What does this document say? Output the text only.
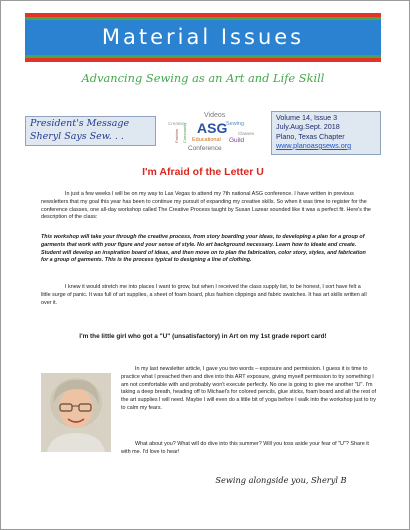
Material Issues
Advancing Sewing as an Art and Life Skill
President's Message
Sheryl Says Sew. . .
Videos
Creative	Sewing
Classes
ASG
Educational Guild
Conference
Fashion Community
Volume 14, Issue 3
July.Aug.Sept. 2018
Plano, Texas Chapter
www.planoasgsews.org
I'm Afraid of the Letter U
In just a few weeks I will be on my way to Las Vegas to attend my 7th national ASG conference. I have written in previous newsletters that my goal this year has been to continue my pursuit of expanding my creative skills. So when it was time to register for the conference classes, one all-day workshop called The Creative Process taught by Susan Lazear sounded like it was a perfect fit. Here's the description of the class:
This workshop will take your through the creative process, from story boarding your ideas, to developing a plan for a group of garments that work with your figure and your sense of style. No art background necessary. Learn how to ideate and create. Student will develop an inspiration board of ideas, and then move on to plan the fabrication, color story, styles, and fabrication for a group of garments. This is the process typical to designing a line of clothing.
I knew it would stretch me into places I want to grow, but when I received the class supply list, to be honest, I sort have felt a little surge of panic. It was full of art supplies, a sheet of foam board, plus fashion clippings and fabric swatches. It has art skills written all over it.
I'm the little girl who got a "U" (unsatisfactory) in Art on my 1st grade report card!
In my last newsletter article, I gave you two words – exposure and permission. I guess it is time to practice what I preached then and dive into this ART exposure, giving myself permission to try something I am not comfortable with and probably won't execute perfectly. No one is going to give me another "U". I'm taking a deep breath, heading off to Michael's for colored pencils, glue sticks, foam board and all the rest of the art supplies I will need. Maybe I will even do a little bit of yoga before I walk into the workshop just to try to calm my fears.
What about you? What will do dive into this summer? Will you toss aside your fear of "U"? Share it with me. I'd love to hear!
Sewing alongside you, Sheryl B
